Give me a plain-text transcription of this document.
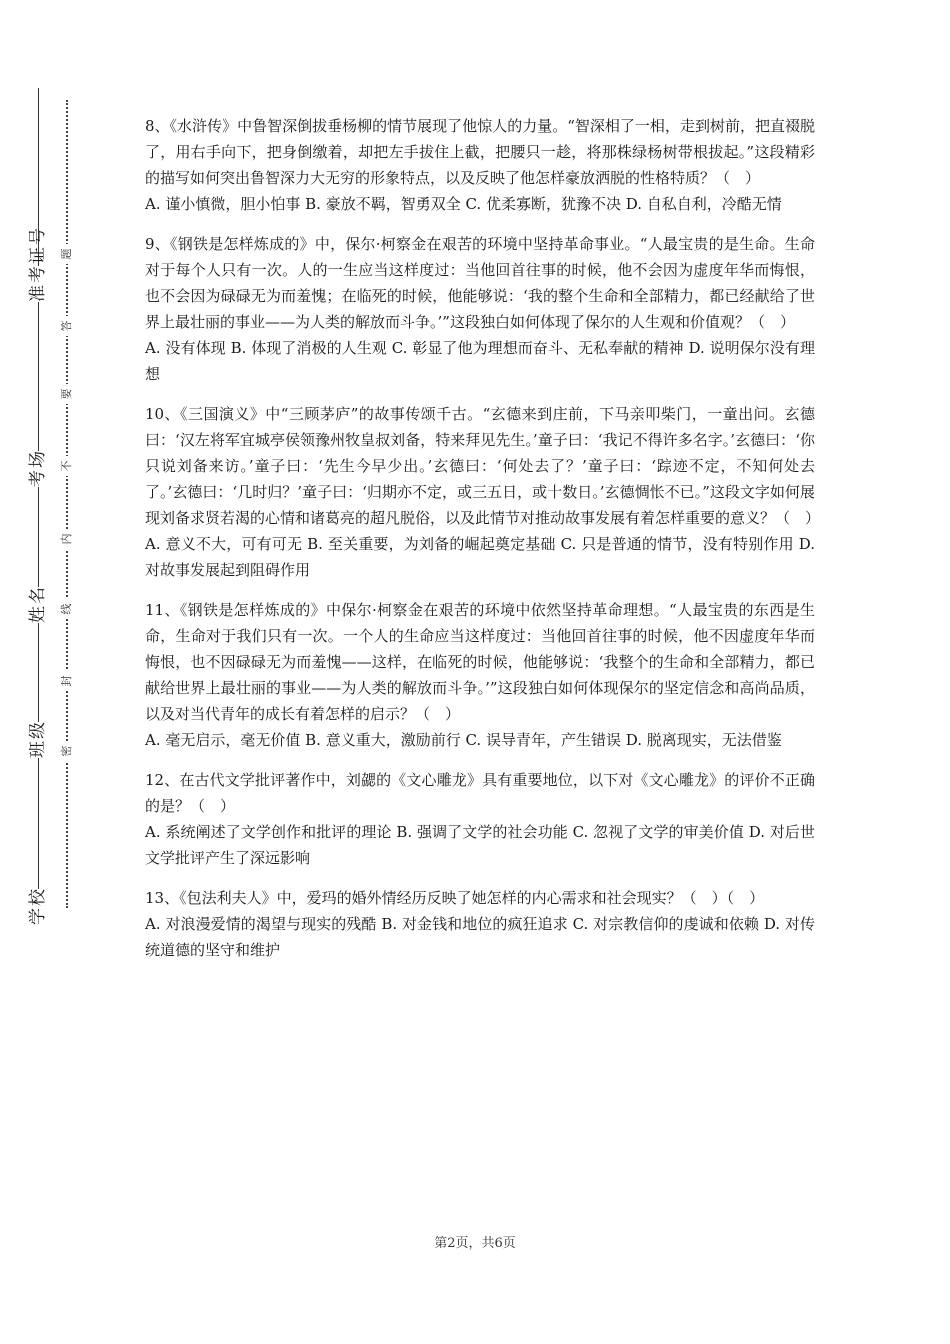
准考证号
考场
姓名
班级
学校
题
答
要
不
内
线
封
密

8、《水浒传》中鲁智深倒拔垂杨柳的情节展现了他惊人的力量。“智深相了一相，走到树前，把直裰脱了，用右手向下，把身倒缴着，却把左手拔住上截，把腰只一趁，将那株绿杨树带根拔起。”这段精彩的描写如何突出鲁智深力大无穷的形象特点，以及反映了他怎样豪放洒脱的性格特质？（　）

A. 谨小慎微，胆小怕事 B. 豪放不羁，智勇双全 C. 优柔寡断，犹豫不决 D. 自私自利，冷酷无情

9、《钢铁是怎样炼成的》中，保尔·柯察金在艰苦的环境中坚持革命事业。“人最宝贵的是生命。生命对于每个人只有一次。人的一生应当这样度过：当他回首往事的时候，他不会因为虚度年华而悔恨，也不会因为碌碌无为而羞愧；在临死的时候，他能够说：‘我的整个生命和全部精力，都已经献给了世界上最壮丽的事业——为人类的解放而斗争。’”这段独白如何体现了保尔的人生观和价值观？（　）

A. 没有体现 B. 体现了消极的人生观 C. 彰显了他为理想而奋斗、无私奉献的精神 D. 说明保尔没有理想

10、《三国演义》中“三顾茅庐”的故事传颂千古。“玄德来到庄前，下马亲叩柴门，一童出问。玄德曰：‘汉左将军宜城亭侯领豫州牧皇叔刘备，特来拜见先生。’童子曰：‘我记不得许多名字。’玄德曰：‘你只说刘备来访。’童子曰：‘先生今早少出。’玄德曰：‘何处去了？’童子曰：‘踪迹不定，不知何处去了。’玄德曰：‘几时归？’童子曰：‘归期亦不定，或三五日，或十数日。’玄德惆怅不已。”这段文字如何展现刘备求贤若渴的心情和诸葛亮的超凡脱俗，以及此情节对推动故事发展有着怎样重要的意义？（　）

A. 意义不大，可有可无 B. 至关重要，为刘备的崛起奠定基础 C. 只是普通的情节，没有特别作用 D. 对故事发展起到阻碍作用

11、《钢铁是怎样炼成的》中保尔·柯察金在艰苦的环境中依然坚持革命理想。“人最宝贵的东西是生命，生命对于我们只有一次。一个人的生命应当这样度过：当他回首往事的时候，他不因虚度年华而悔恨，也不因碌碌无为而羞愧——这样，在临死的时候，他能够说：‘我整个的生命和全部精力，都已献给世界上最壮丽的事业——为人类的解放而斗争。’”这段独白如何体现保尔的坚定信念和高尚品质，以及对当代青年的成长有着怎样的启示？（　）

A. 毫无启示，毫无价值 B. 意义重大，激励前行 C. 误导青年，产生错误 D. 脱离现实，无法借鉴

12、在古代文学批评著作中，刘勰的《文心雕龙》具有重要地位，以下对《文心雕龙》的评价不正确的是？（　）

A. 系统阐述了文学创作和批评的理论 B. 强调了文学的社会功能 C. 忽视了文学的审美价值 D. 对后世文学批评产生了深远影响

13、《包法利夫人》中，爱玛的婚外情经历反映了她怎样的内心需求和社会现实？（　）（　）

A. 对浪漫爱情的渴望与现实的残酷 B. 对金钱和地位的疯狂追求 C. 对宗教信仰的虔诚和依赖 D. 对传统道德的坚守和维护

第2页，共6页
